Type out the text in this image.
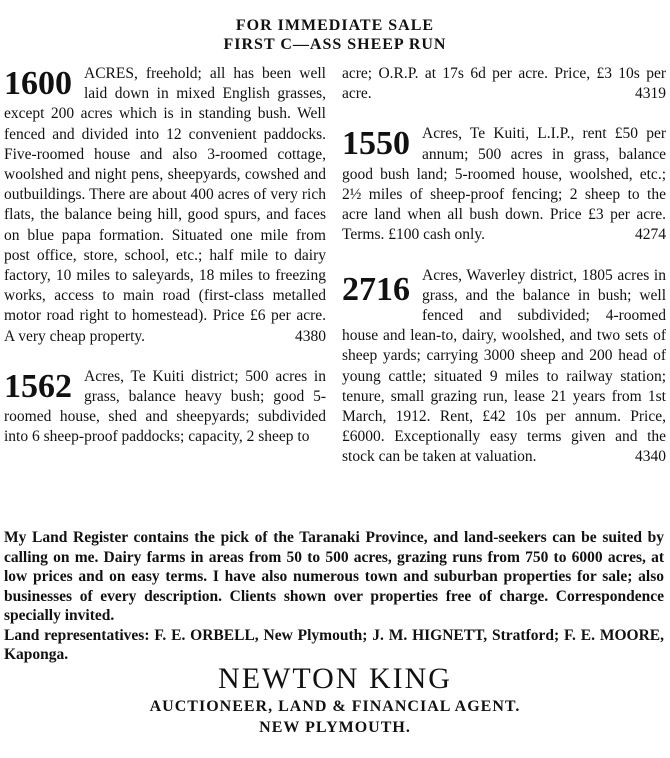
FOR IMMEDIATE SALE
FIRST C—ASS SHEEP RUN
1600 ACRES, freehold; all has been well laid down in mixed English grasses, except 200 acres which is in standing bush. Well fenced and divided into 12 convenient paddocks. Five-roomed house and also 3-roomed cottage, woolshed and night pens, sheepyards, cowshed and outbuildings. There are about 400 acres of very rich flats, the balance being hill, good spurs, and faces on blue papa formation. Situated one mile from post office, store, school, etc.; half mile to dairy factory, 10 miles to saleyards, 18 miles to freezing works, access to main road (first-class metalled motor road right to homestead). Price £6 per acre. A very cheap property.	4380
1562 Acres, Te Kuiti district; 500 acres in grass, balance heavy bush; good 5-roomed house, shed and sheepyards; subdivided into 6 sheep-proof paddocks; capacity, 2 sheep to
acre; O.R.P. at 17s 6d per acre. Price, £3 10s per acre.	4319
1550 Acres, Te Kuiti, L.I.P., rent £50 per annum; 500 acres in grass, balance good bush land; 5-roomed house, woolshed, etc.; 2½ miles of sheep-proof fencing; 2 sheep to the acre land when all bush down. Price £3 per acre. Terms. £100 cash only.	4274
2716 Acres, Waverley district, 1805 acres in grass, and the balance in bush; well fenced and subdivided; 4-roomed house and lean-to, dairy, woolshed, and two sets of sheep yards; carrying 3000 sheep and 200 head of young cattle; situated 9 miles to railway station; tenure, small grazing run, lease 21 years from 1st March, 1912. Rent, £42 10s per annum. Price, £6000. Exceptionally easy terms given and the stock can be taken at valuation.	4340
My Land Register contains the pick of the Taranaki Province, and land-seekers can be suited by calling on me. Dairy farms in areas from 50 to 500 acres, grazing runs from 750 to 6000 acres, at low prices and on easy terms. I have also numerous town and suburban properties for sale; also businesses of every description. Clients shown over properties free of charge. Correspondence specially invited.
Land representatives: F. E. ORBELL, New Plymouth; J. M. HIGNETT, Stratford; F. E. MOORE, Kaponga.
NEWTON KING
AUCTIONEER, LAND & FINANCIAL AGENT.
NEW PLYMOUTH.
